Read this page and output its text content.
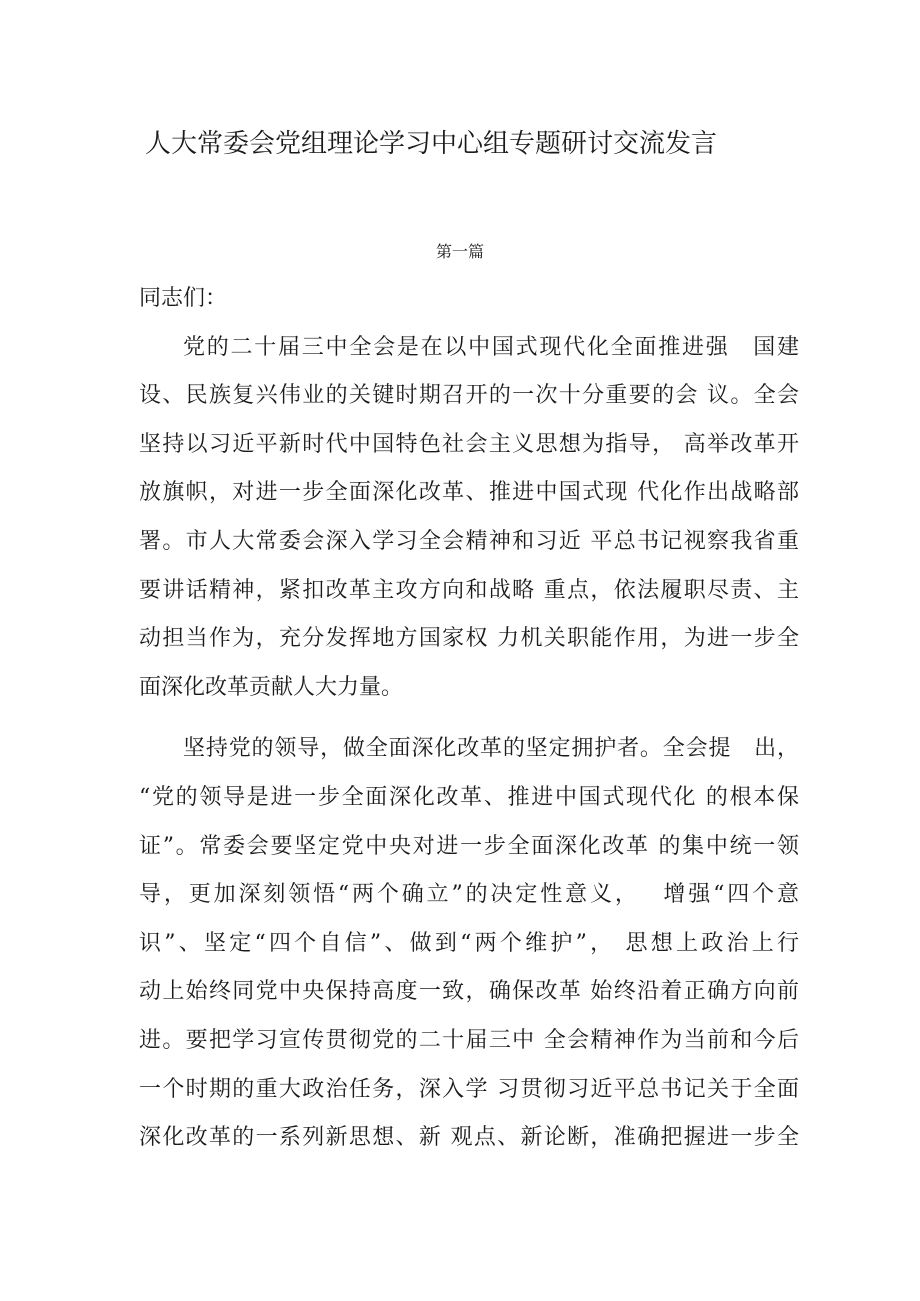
人大常委会党组理论学习中心组专题研讨交流发言
第一篇
同志们：
党的二十届三中全会是在以中国式现代化全面推进强　国建
设、民族复兴伟业的关键时期召开的一次十分重要的会 议。全会
坚持以习近平新时代中国特色社会主义思想为指导， 高举改革开
放旗帜，对进一步全面深化改革、推进中国式现 代化作出战略部
署。市人大常委会深入学习全会精神和习近 平总书记视察我省重
要讲话精神，紧扣改革主攻方向和战略 重点，依法履职尽责、主
动担当作为，充分发挥地方国家权 力机关职能作用，为进一步全
面深化改革贡献人大力量。
坚持党的领导，做全面深化改革的坚定拥护者。全会提　出，
“党的领导是进一步全面深化改革、推进中国式现代化 的根本保
证”。常委会要坚定党中央对进一步全面深化改革 的集中统一领
导，更加深刻领悟“两个确立”的决定性意义，　 增强“四个意
识”、坚定“四个自信”、做到“两个维护”， 思想上政治上行
动上始终同党中央保持高度一致，确保改革 始终沿着正确方向前
进。要把学习宣传贯彻党的二十届三中 全会精神作为当前和今后
一个时期的重大政治任务，深入学 习贯彻习近平总书记关于全面
深化改革的一系列新思想、新 观点、新论断，准确把握进一步全
